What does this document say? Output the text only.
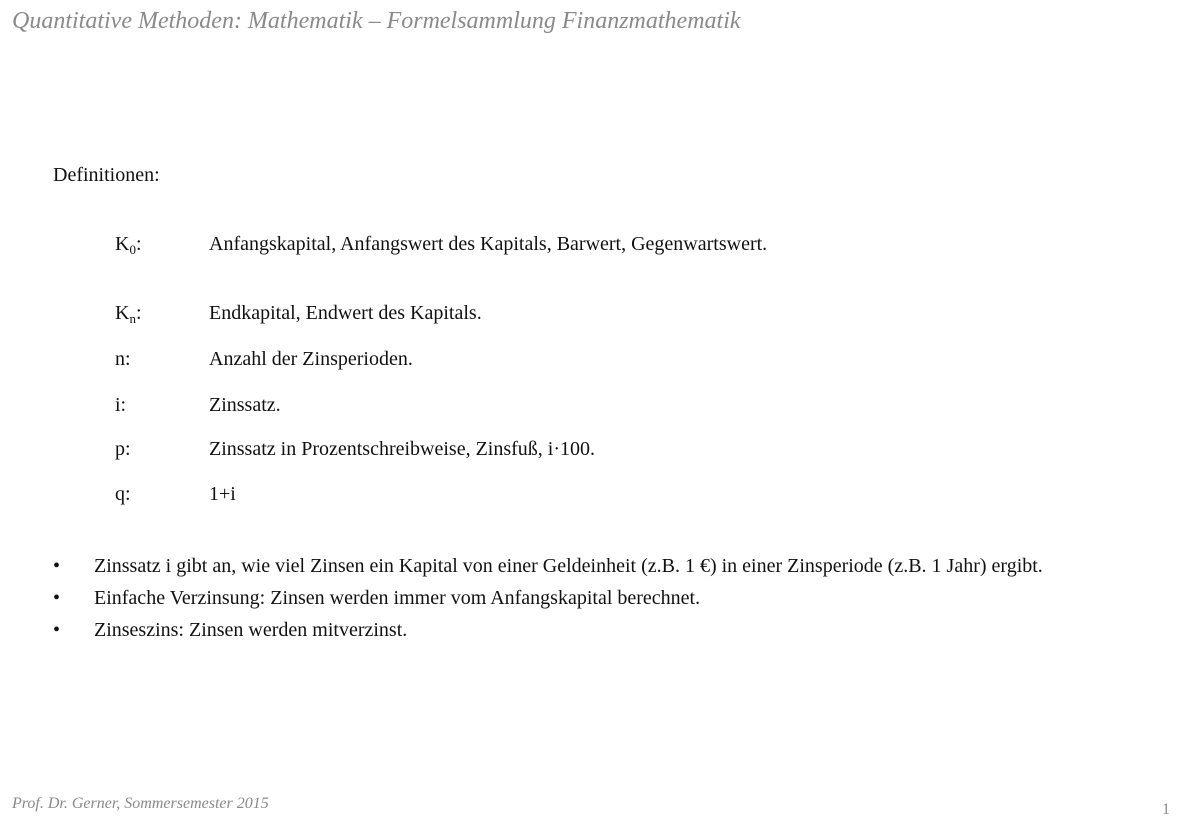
Quantitative Methoden: Mathematik – Formelsammlung Finanzmathematik
Definitionen:
$K_0$:	Anfangskapital, Anfangswert des Kapitals, Barwert, Gegenwartswert.
$K_n$:	Endkapital, Endwert des Kapitals.
n:	Anzahl der Zinsperioden.
i:	Zinssatz.
p:	Zinssatz in Prozentschreibweise, Zinsfuß, i·100.
q:	1+i
• Zinssatz i gibt an, wie viel Zinsen ein Kapital von einer Geldeinheit (z.B. 1 €) in einer Zinsperiode (z.B. 1 Jahr) ergibt.
• Einfache Verzinsung: Zinsen werden immer vom Anfangskapital berechnet.
• Zinseszins: Zinsen werden mitverzinst.
Prof. Dr. Gerner, Sommersemester 2015	1
